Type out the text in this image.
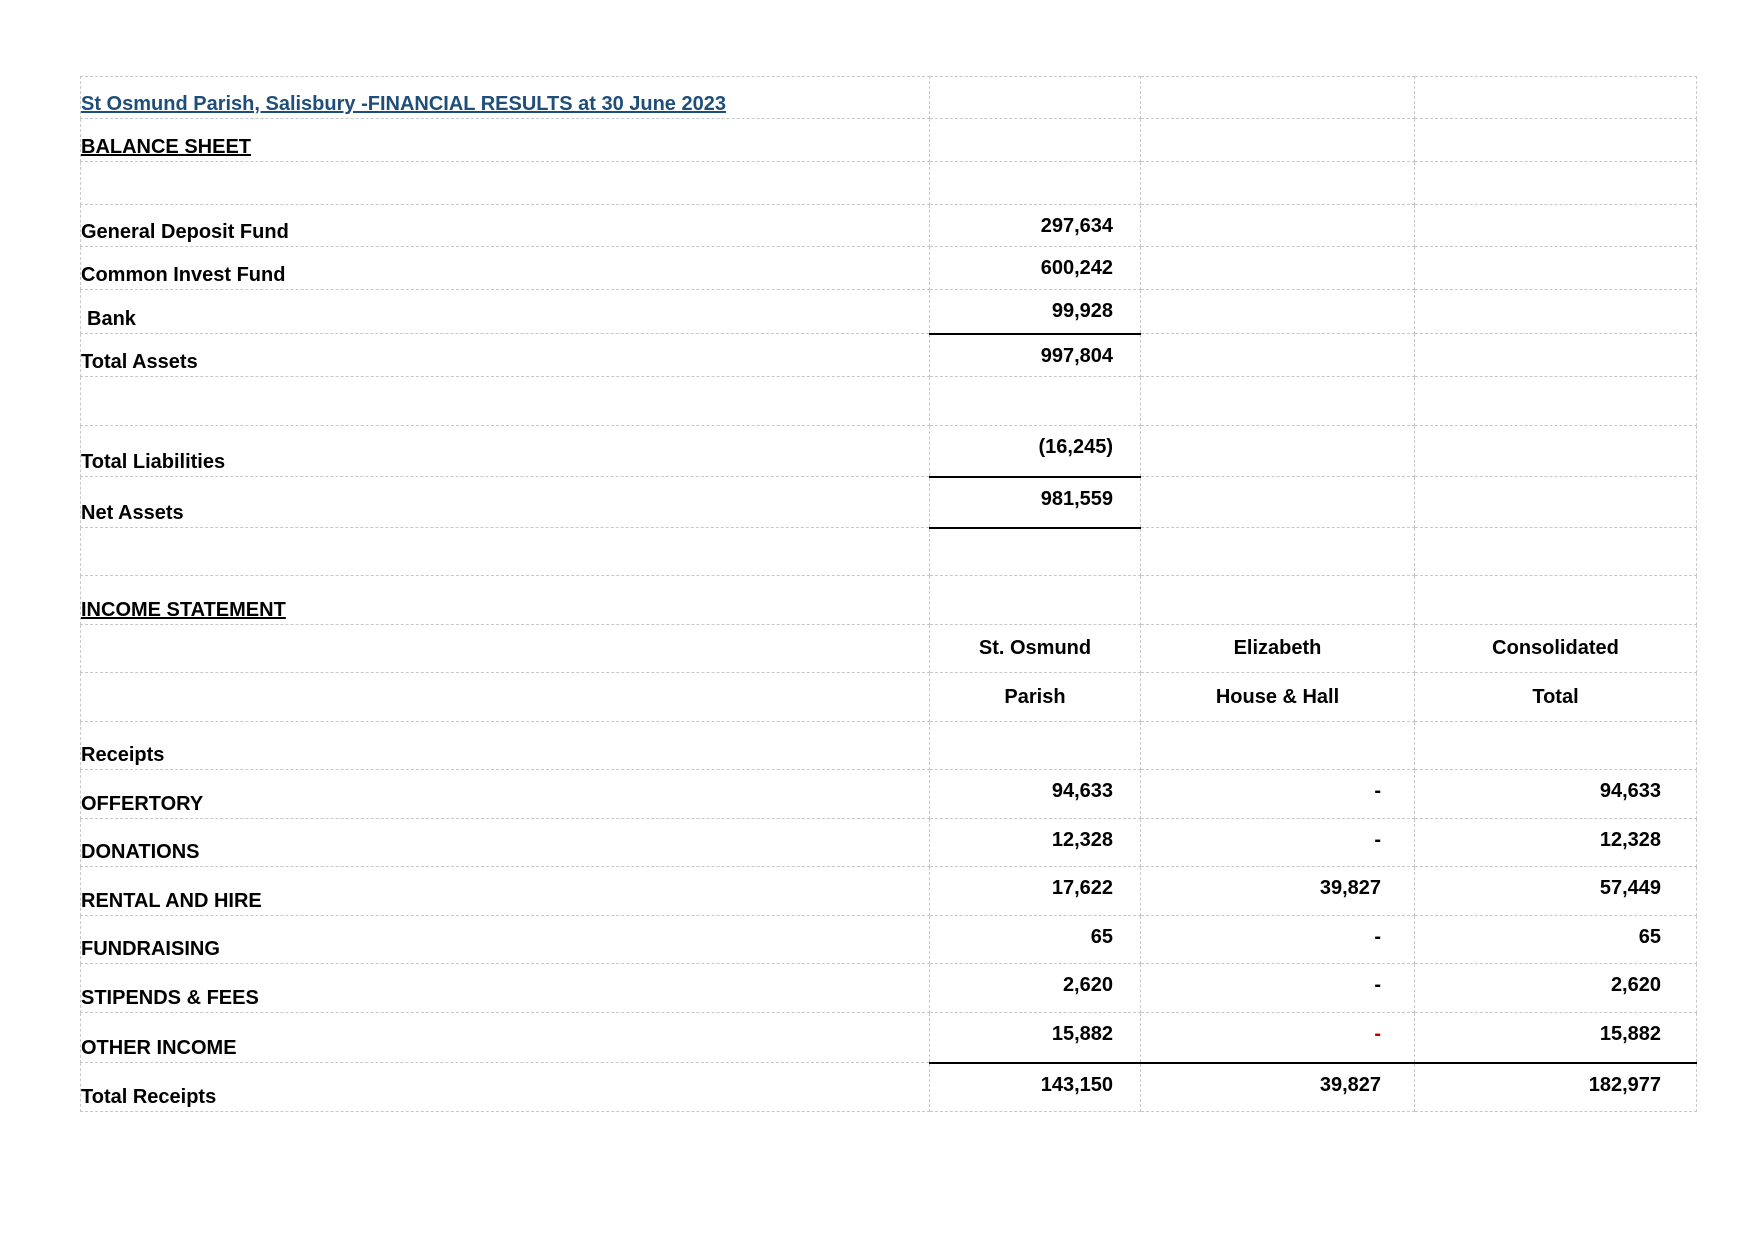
St Osmund Parish, Salisbury -FINANCIAL RESULTS at 30 June 2023			
BALANCE SHEET			

General Deposit Fund	297,634		
Common Invest Fund	600,242		
Bank	99,928		
Total Assets	997,804		

Total Liabilities	(16,245)		
Net Assets	981,559		

INCOME STATEMENT			
	St. Osmund	Elizabeth	Consolidated
	Parish	House & Hall	Total
Receipts			
OFFERTORY	94,633	-	94,633
DONATIONS	12,328	-	12,328
RENTAL AND HIRE	17,622	39,827	57,449
FUNDRAISING	65	-	65
STIPENDS & FEES	2,620	-	2,620
OTHER INCOME	15,882	-	15,882
Total Receipts	143,150	39,827	182,977
